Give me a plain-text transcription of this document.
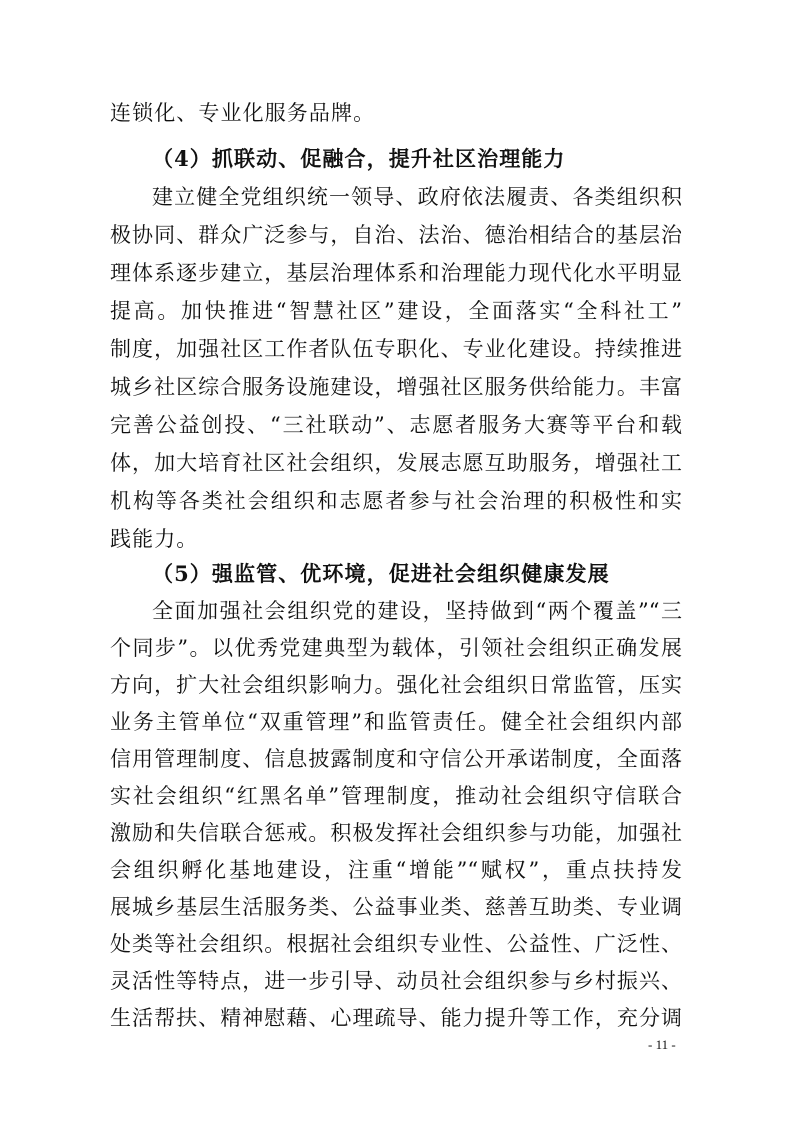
连锁化、专业化服务品牌。
（4）抓联动、促融合，提升社区治理能力
建立健全党组织统一领导、政府依法履责、各类组织积
极协同、群众广泛参与，自治、法治、德治相结合的基层治
理体系逐步建立，基层治理体系和治理能力现代化水平明显
提高。加快推进“智慧社区”建设，全面落实“全科社工”
制度，加强社区工作者队伍专职化、专业化建设。持续推进
城乡社区综合服务设施建设，增强社区服务供给能力。丰富
完善公益创投、“三社联动”、志愿者服务大赛等平台和载
体，加大培育社区社会组织，发展志愿互助服务，增强社工
机构等各类社会组织和志愿者参与社会治理的积极性和实
践能力。
（5）强监管、优环境，促进社会组织健康发展
全面加强社会组织党的建设，坚持做到“两个覆盖”“三
个同步”。以优秀党建典型为载体，引领社会组织正确发展
方向，扩大社会组织影响力。强化社会组织日常监管，压实
业务主管单位“双重管理”和监管责任。健全社会组织内部
信用管理制度、信息披露制度和守信公开承诺制度，全面落
实社会组织“红黑名单”管理制度，推动社会组织守信联合
激励和失信联合惩戒。积极发挥社会组织参与功能，加强社
会组织孵化基地建设，注重“增能”“赋权”，重点扶持发
展城乡基层生活服务类、公益事业类、慈善互助类、专业调
处类等社会组织。根据社会组织专业性、公益性、广泛性、
灵活性等特点，进一步引导、动员社会组织参与乡村振兴、
生活帮扶、精神慰藉、心理疏导、能力提升等工作，充分调
- 11 -
